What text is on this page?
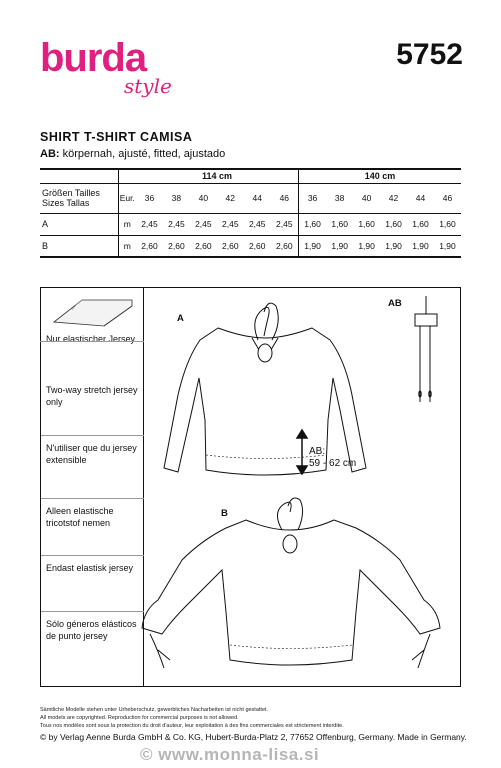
burda
style
5752
SHIRT T-SHIRT CAMISA
AB: körpernah, ajusté, fitted, ajustado
		114 cm						140 cm					
Größen Tailles
Sizes Tallas	Eur.	36	38	40	42	44	46	36	38	40	42	44	46
A	m	2,45	2,45	2,45	2,45	2,45	2,45	1,60	1,60	1,60	1,60	1,60	1,60
B	m	2,60	2,60	2,60	2,60	2,60	2,60	1,90	1,90	1,90	1,90	1,90	1,90
Nur elastischer Jersey
Two-way stretch jersey only
N'utiliser que du jersey extensible
Alleen elastische tricotstof nemen
Endast elastisk jersey
Sólo géneros elásticos de punto jersey
A
B
AB
AB:
59 - 62 cm
Sämtliche Modelle stehen unter Urheberschutz, gewerbliches Nacharbeiten ist nicht gestattet.
All models are copyrighted. Reproduction for commercial purposes is not allowed.
Tous nos modèles sont sous la protection du droit d'auteur, leur exploitation à des fins commerciales est strictement interdite.
© by Verlag Aenne Burda GmbH & Co. KG, Hubert-Burda-Platz 2, 77652 Offenburg, Germany. Made in Germany.
© www.monna-lisa.si
